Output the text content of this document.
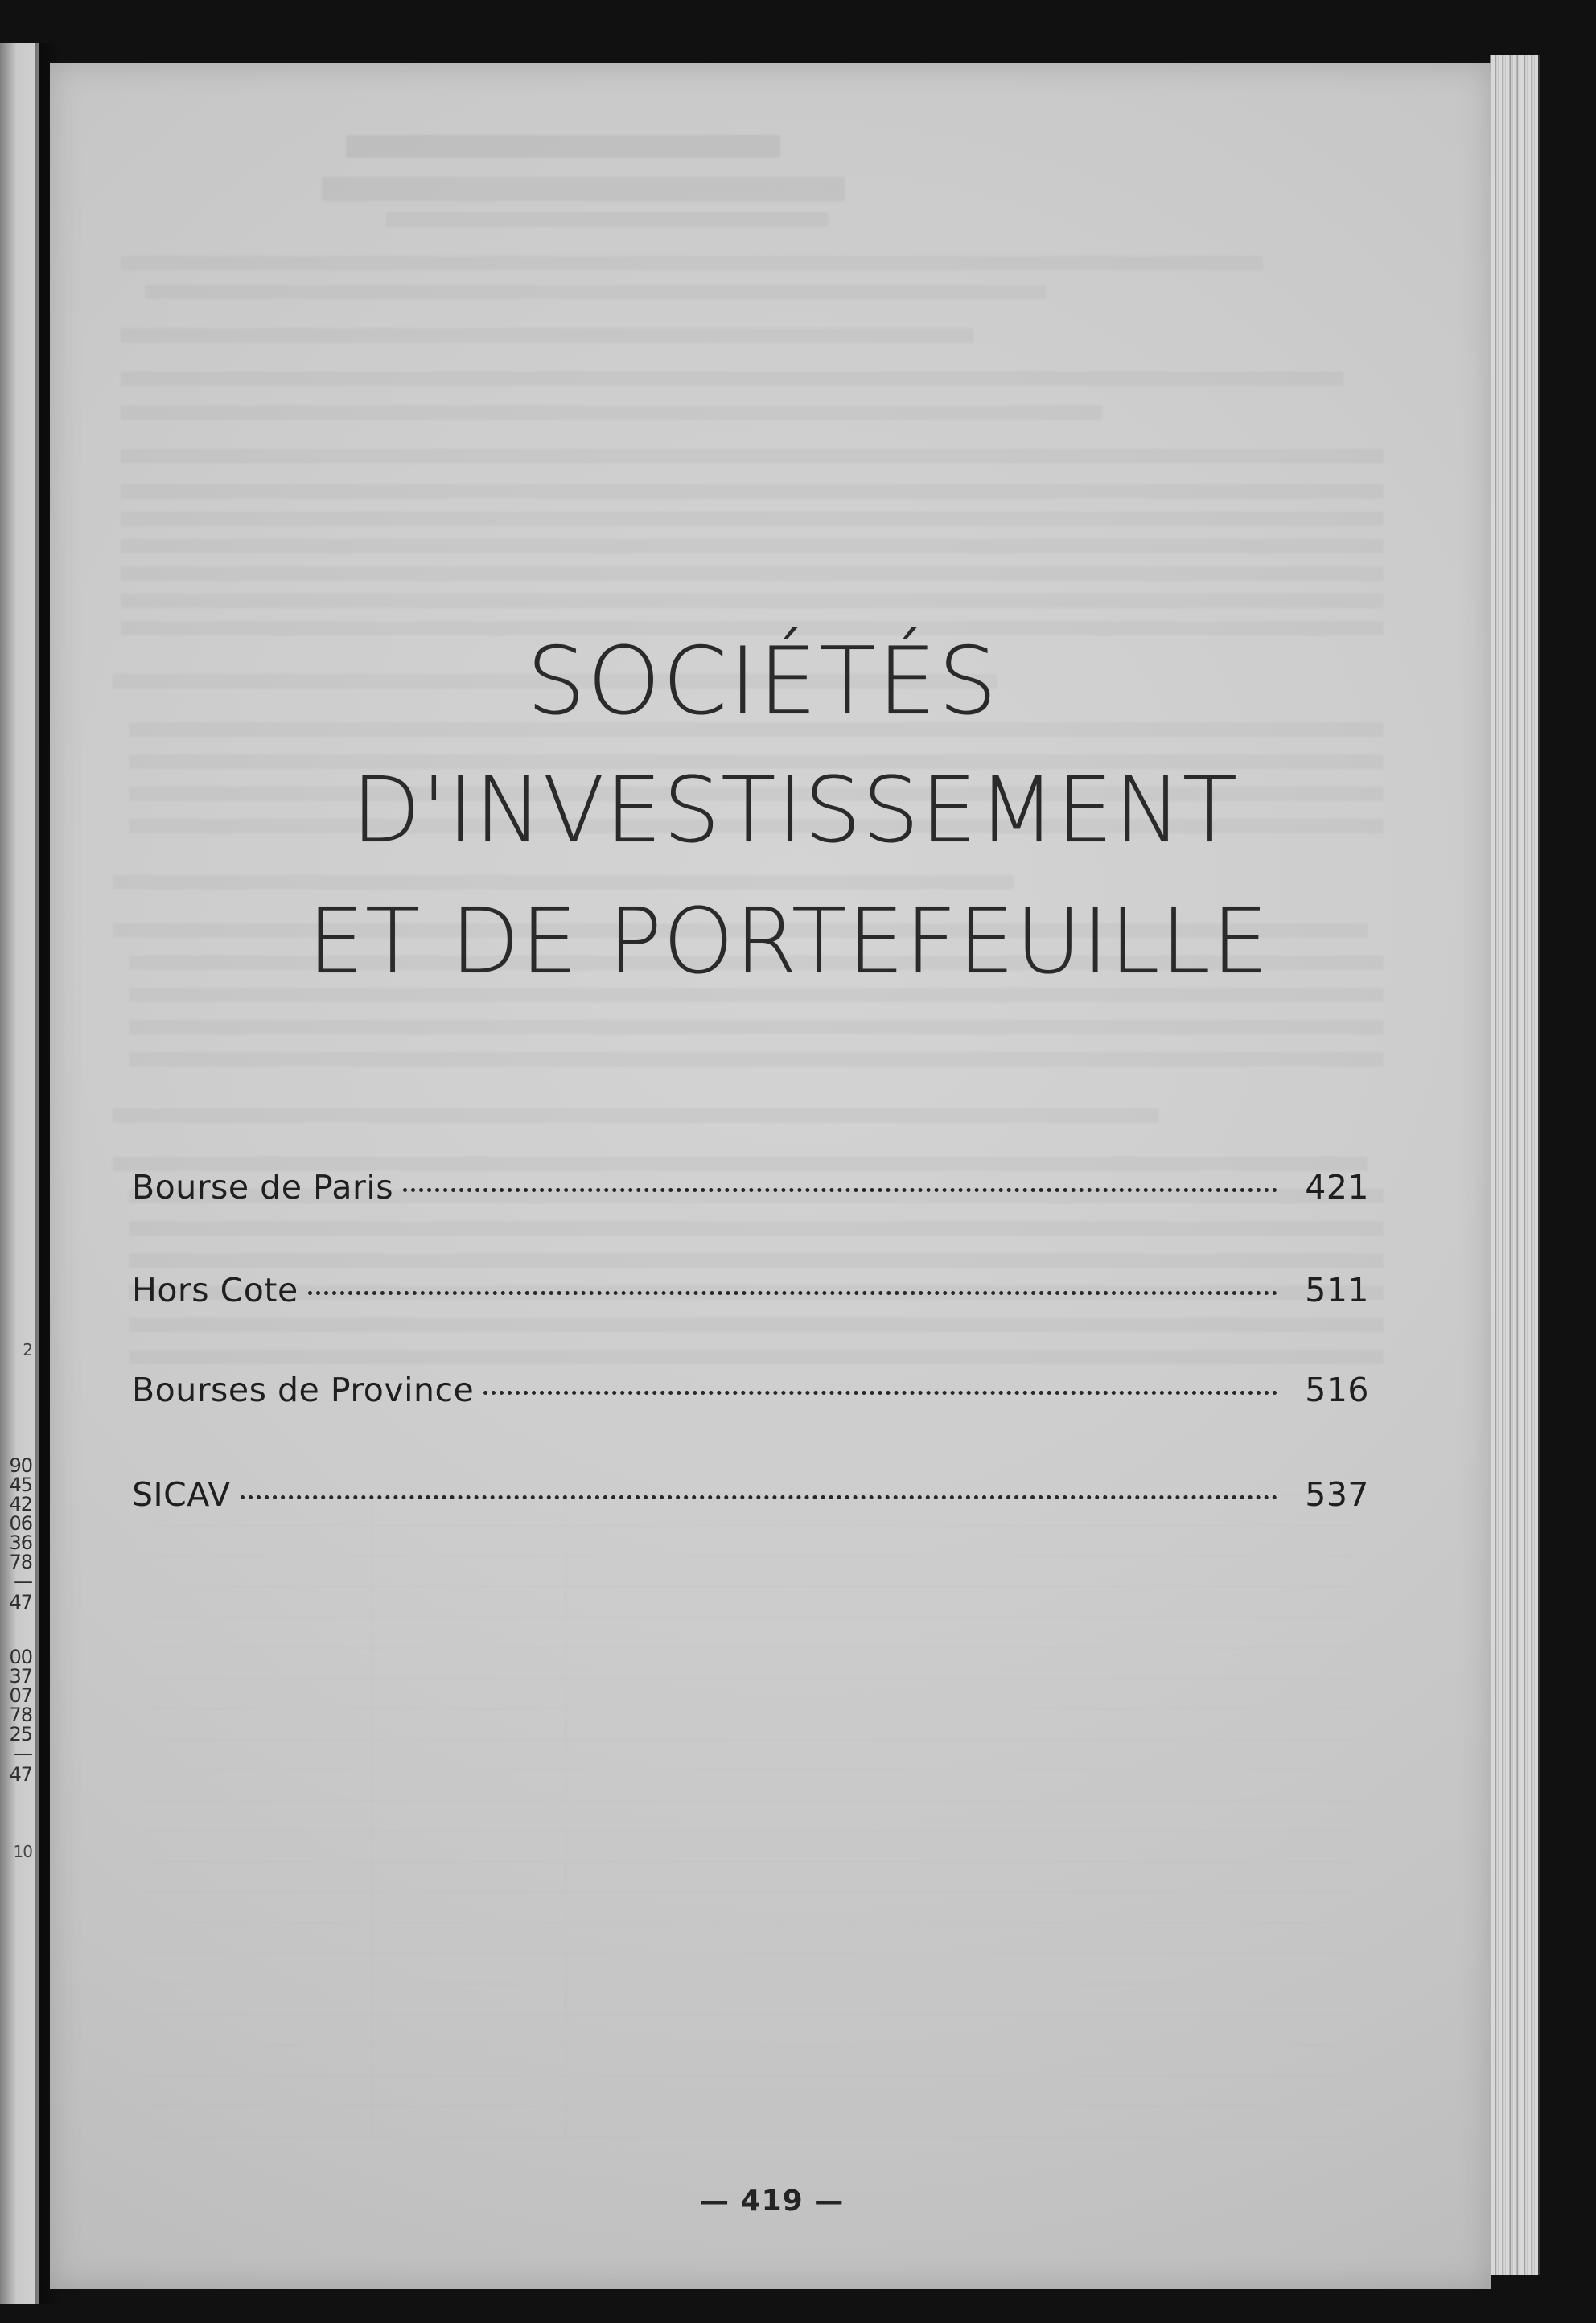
2
90
45
42
06
36
78
—
47
00
37
07
78
25
—
47
10

SOCIÉTÉS
D'INVESTISSEMENT
ET DE PORTEFEUILLE
Bourse de Paris	421
Hors Cote	511
Bourses de Province	516
SICAV	537
— 419 —
